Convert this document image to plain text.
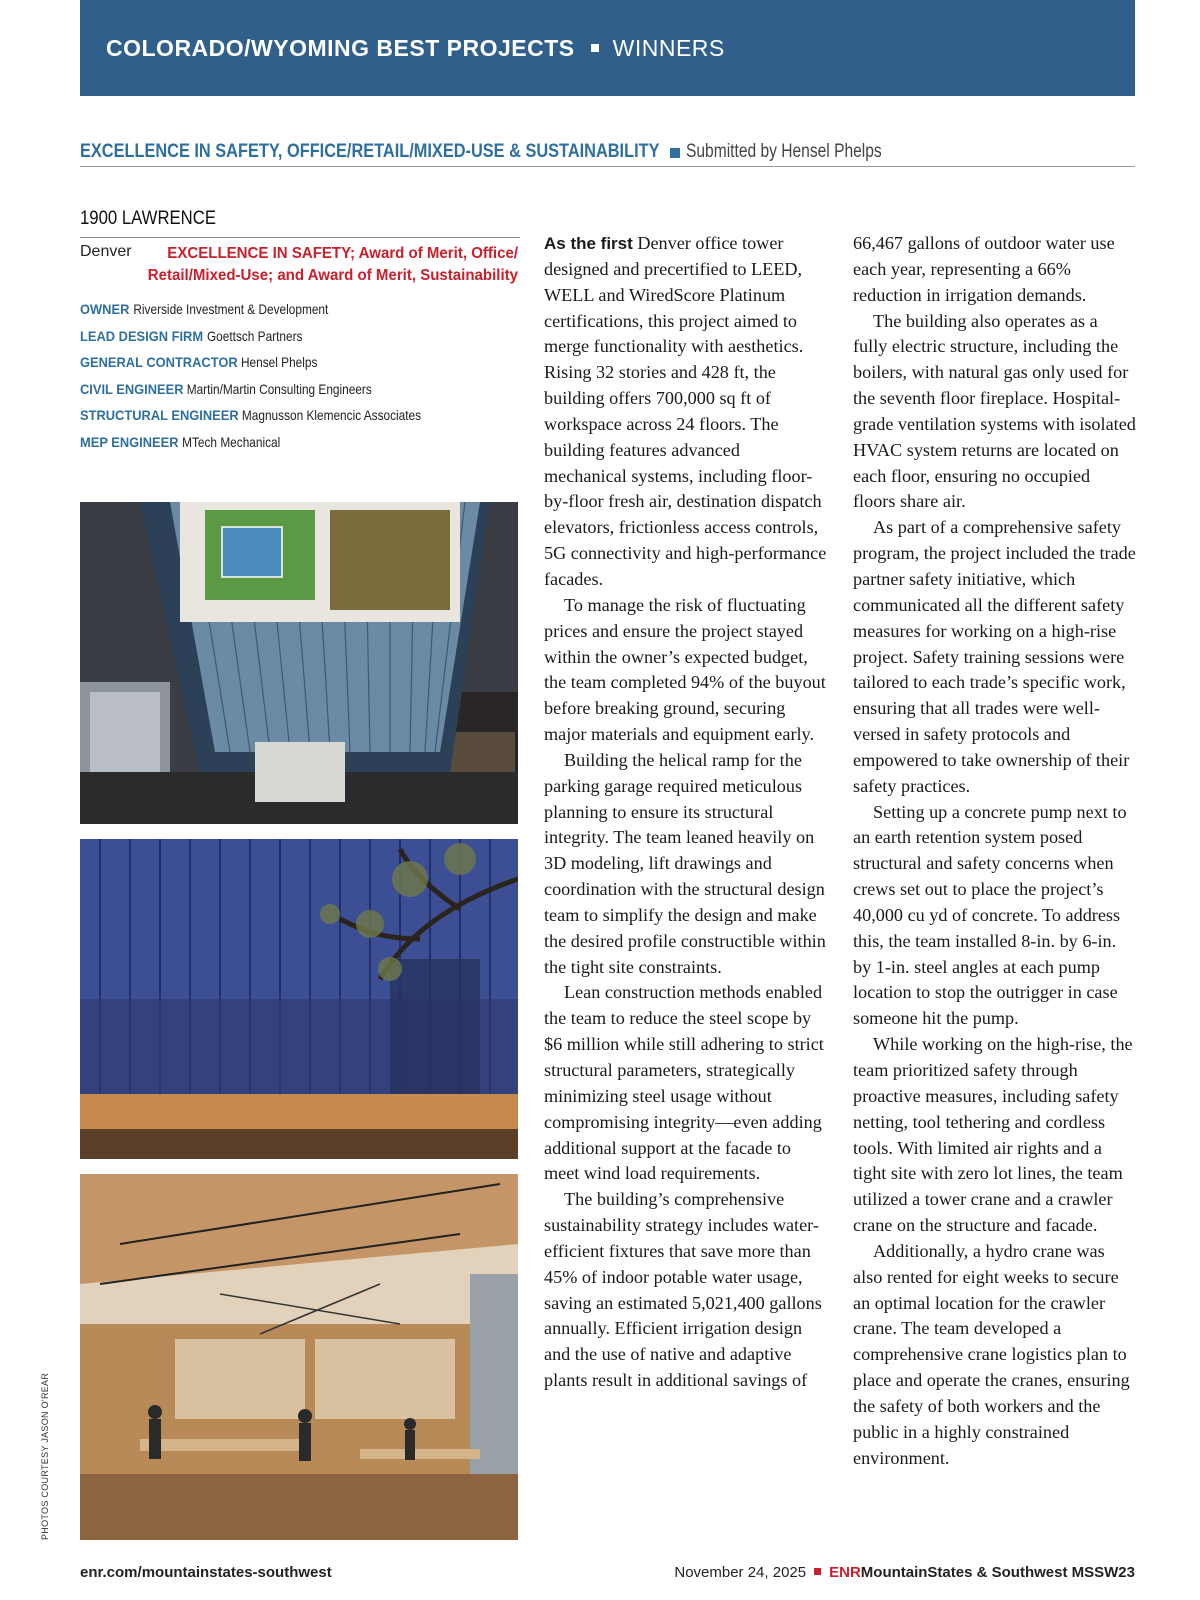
COLORADO/WYOMING BEST PROJECTS WINNERS
EXCELLENCE IN SAFETY, OFFICE/RETAIL/MIXED-USE & SUSTAINABILITY Submitted by Hensel Phelps
1900 LAWRENCE
Denver	EXCELLENCE IN SAFETY; Award of Merit, Office/ Retail/Mixed-Use; and Award of Merit, Sustainability
OWNER Riverside Investment & Development
LEAD DESIGN FIRM Goettsch Partners
GENERAL CONTRACTOR Hensel Phelps
CIVIL ENGINEER Martin/Martin Consulting Engineers
STRUCTURAL ENGINEER Magnusson Klemencic Associates
MEP ENGINEER MTech Mechanical
PHOTOS COURTESY JASON O'REAR

As the first Denver office tower designed and precertified to LEED, WELL and WiredScore Platinum certifications, this project aimed to merge functionality with aesthetics. Rising 32 stories and 428 ft, the building offers 700,000 sq ft of workspace across 24 floors. The building features advanced mechanical systems, including floor-by-floor fresh air, destination dispatch elevators, frictionless access controls, 5G connectivity and high-performance facades.

To manage the risk of fluctuating prices and ensure the project stayed within the owner’s expected budget, the team completed 94% of the buyout before breaking ground, securing major materials and equipment early.

Building the helical ramp for the parking garage required meticulous planning to ensure its structural integrity. The team leaned heavily on 3D modeling, lift drawings and coordination with the structural design team to simplify the design and make the desired profile constructible within the tight site constraints.

Lean construction methods enabled the team to reduce the steel scope by $6 million while still adhering to strict structural parameters, strategically minimizing steel usage without compromising integrity—even adding additional support at the facade to meet wind load requirements.

The building’s comprehensive sustainability strategy includes water-efficient fixtures that save more than 45% of indoor potable water usage, saving an estimated 5,021,400 gallons annually. Efficient irrigation design and the use of native and adaptive plants result in additional savings of

66,467 gallons of outdoor water use each year, representing a 66% reduction in irrigation demands.

The building also operates as a fully electric structure, including the boilers, with natural gas only used for the seventh floor fireplace. Hospital-grade ventilation systems with isolated HVAC system returns are located on each floor, ensuring no occupied floors share air.

As part of a comprehensive safety program, the project included the trade partner safety initiative, which communicated all the different safety measures for working on a high-rise project. Safety training sessions were tailored to each trade’s specific work, ensuring that all trades were well-versed in safety protocols and empowered to take ownership of their safety practices.

Setting up a concrete pump next to an earth retention system posed structural and safety concerns when crews set out to place the project’s 40,000 cu yd of concrete. To address this, the team installed 8-in. by 6-in. by 1-in. steel angles at each pump location to stop the outrigger in case someone hit the pump.

While working on the high-rise, the team prioritized safety through proactive measures, including safety netting, tool tethering and cordless tools. With limited air rights and a tight site with zero lot lines, the team utilized a tower crane and a crawler crane on the structure and facade.

Additionally, a hydro crane was also rented for eight weeks to secure an optimal location for the crawler crane. The team developed a comprehensive crane logistics plan to place and operate the cranes, ensuring the safety of both workers and the public in a highly constrained environment.

enr.com/mountainstates-southwest	November 24, 2025 ENRMountainStates & Southwest MSSW23
